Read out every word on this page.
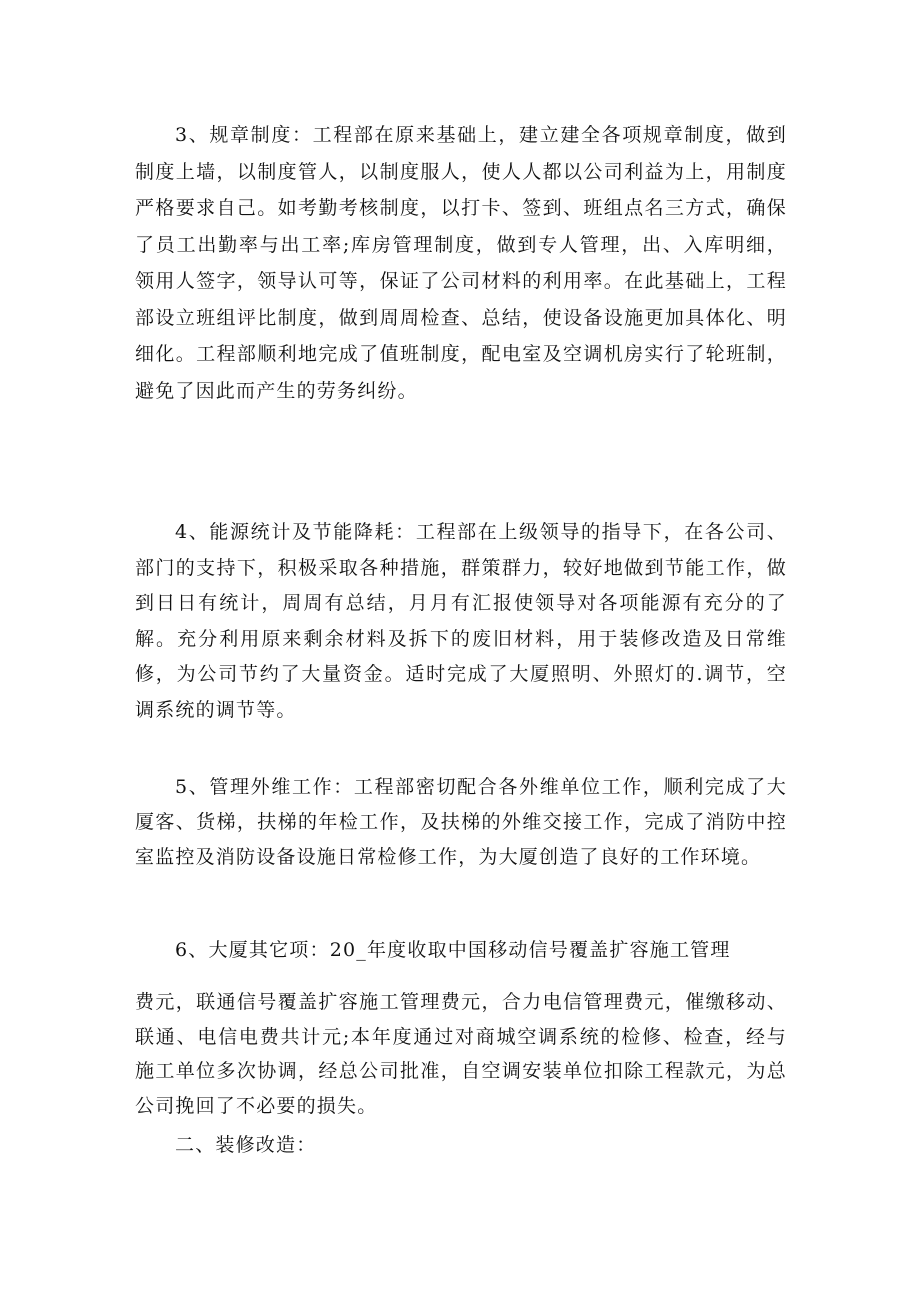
3、规章制度：工程部在原来基础上，建立建全各项规章制度，做到制度上墙，以制度管人，以制度服人，使人人都以公司利益为上，用制度严格要求自己。如考勤考核制度，以打卡、签到、班组点名三方式，确保了员工出勤率与出工率;库房管理制度，做到专人管理，出、入库明细，领用人签字，领导认可等，保证了公司材料的利用率。在此基础上，工程部设立班组评比制度，做到周周检查、总结，使设备设施更加具体化、明细化。工程部顺利地完成了值班制度，配电室及空调机房实行了轮班制，避免了因此而产生的劳务纠纷。

4、能源统计及节能降耗：工程部在上级领导的指导下，在各公司、部门的支持下，积极采取各种措施，群策群力，较好地做到节能工作，做到日日有统计，周周有总结，月月有汇报使领导对各项能源有充分的了解。充分利用原来剩余材料及拆下的废旧材料，用于装修改造及日常维修，为公司节约了大量资金。适时完成了大厦照明、外照灯的.调节，空调系统的调节等。

5、管理外维工作：工程部密切配合各外维单位工作，顺利完成了大厦客、货梯，扶梯的年检工作，及扶梯的外维交接工作，完成了消防中控室监控及消防设备设施日常检修工作，为大厦创造了良好的工作环境。

6、大厦其它项：20_年度收取中国移动信号覆盖扩容施工管理

费元，联通信号覆盖扩容施工管理费元，合力电信管理费元，催缴移动、联通、电信电费共计元;本年度通过对商城空调系统的检修、检查，经与施工单位多次协调，经总公司批准，自空调安装单位扣除工程款元，为总公司挽回了不必要的损失。

二、装修改造：
